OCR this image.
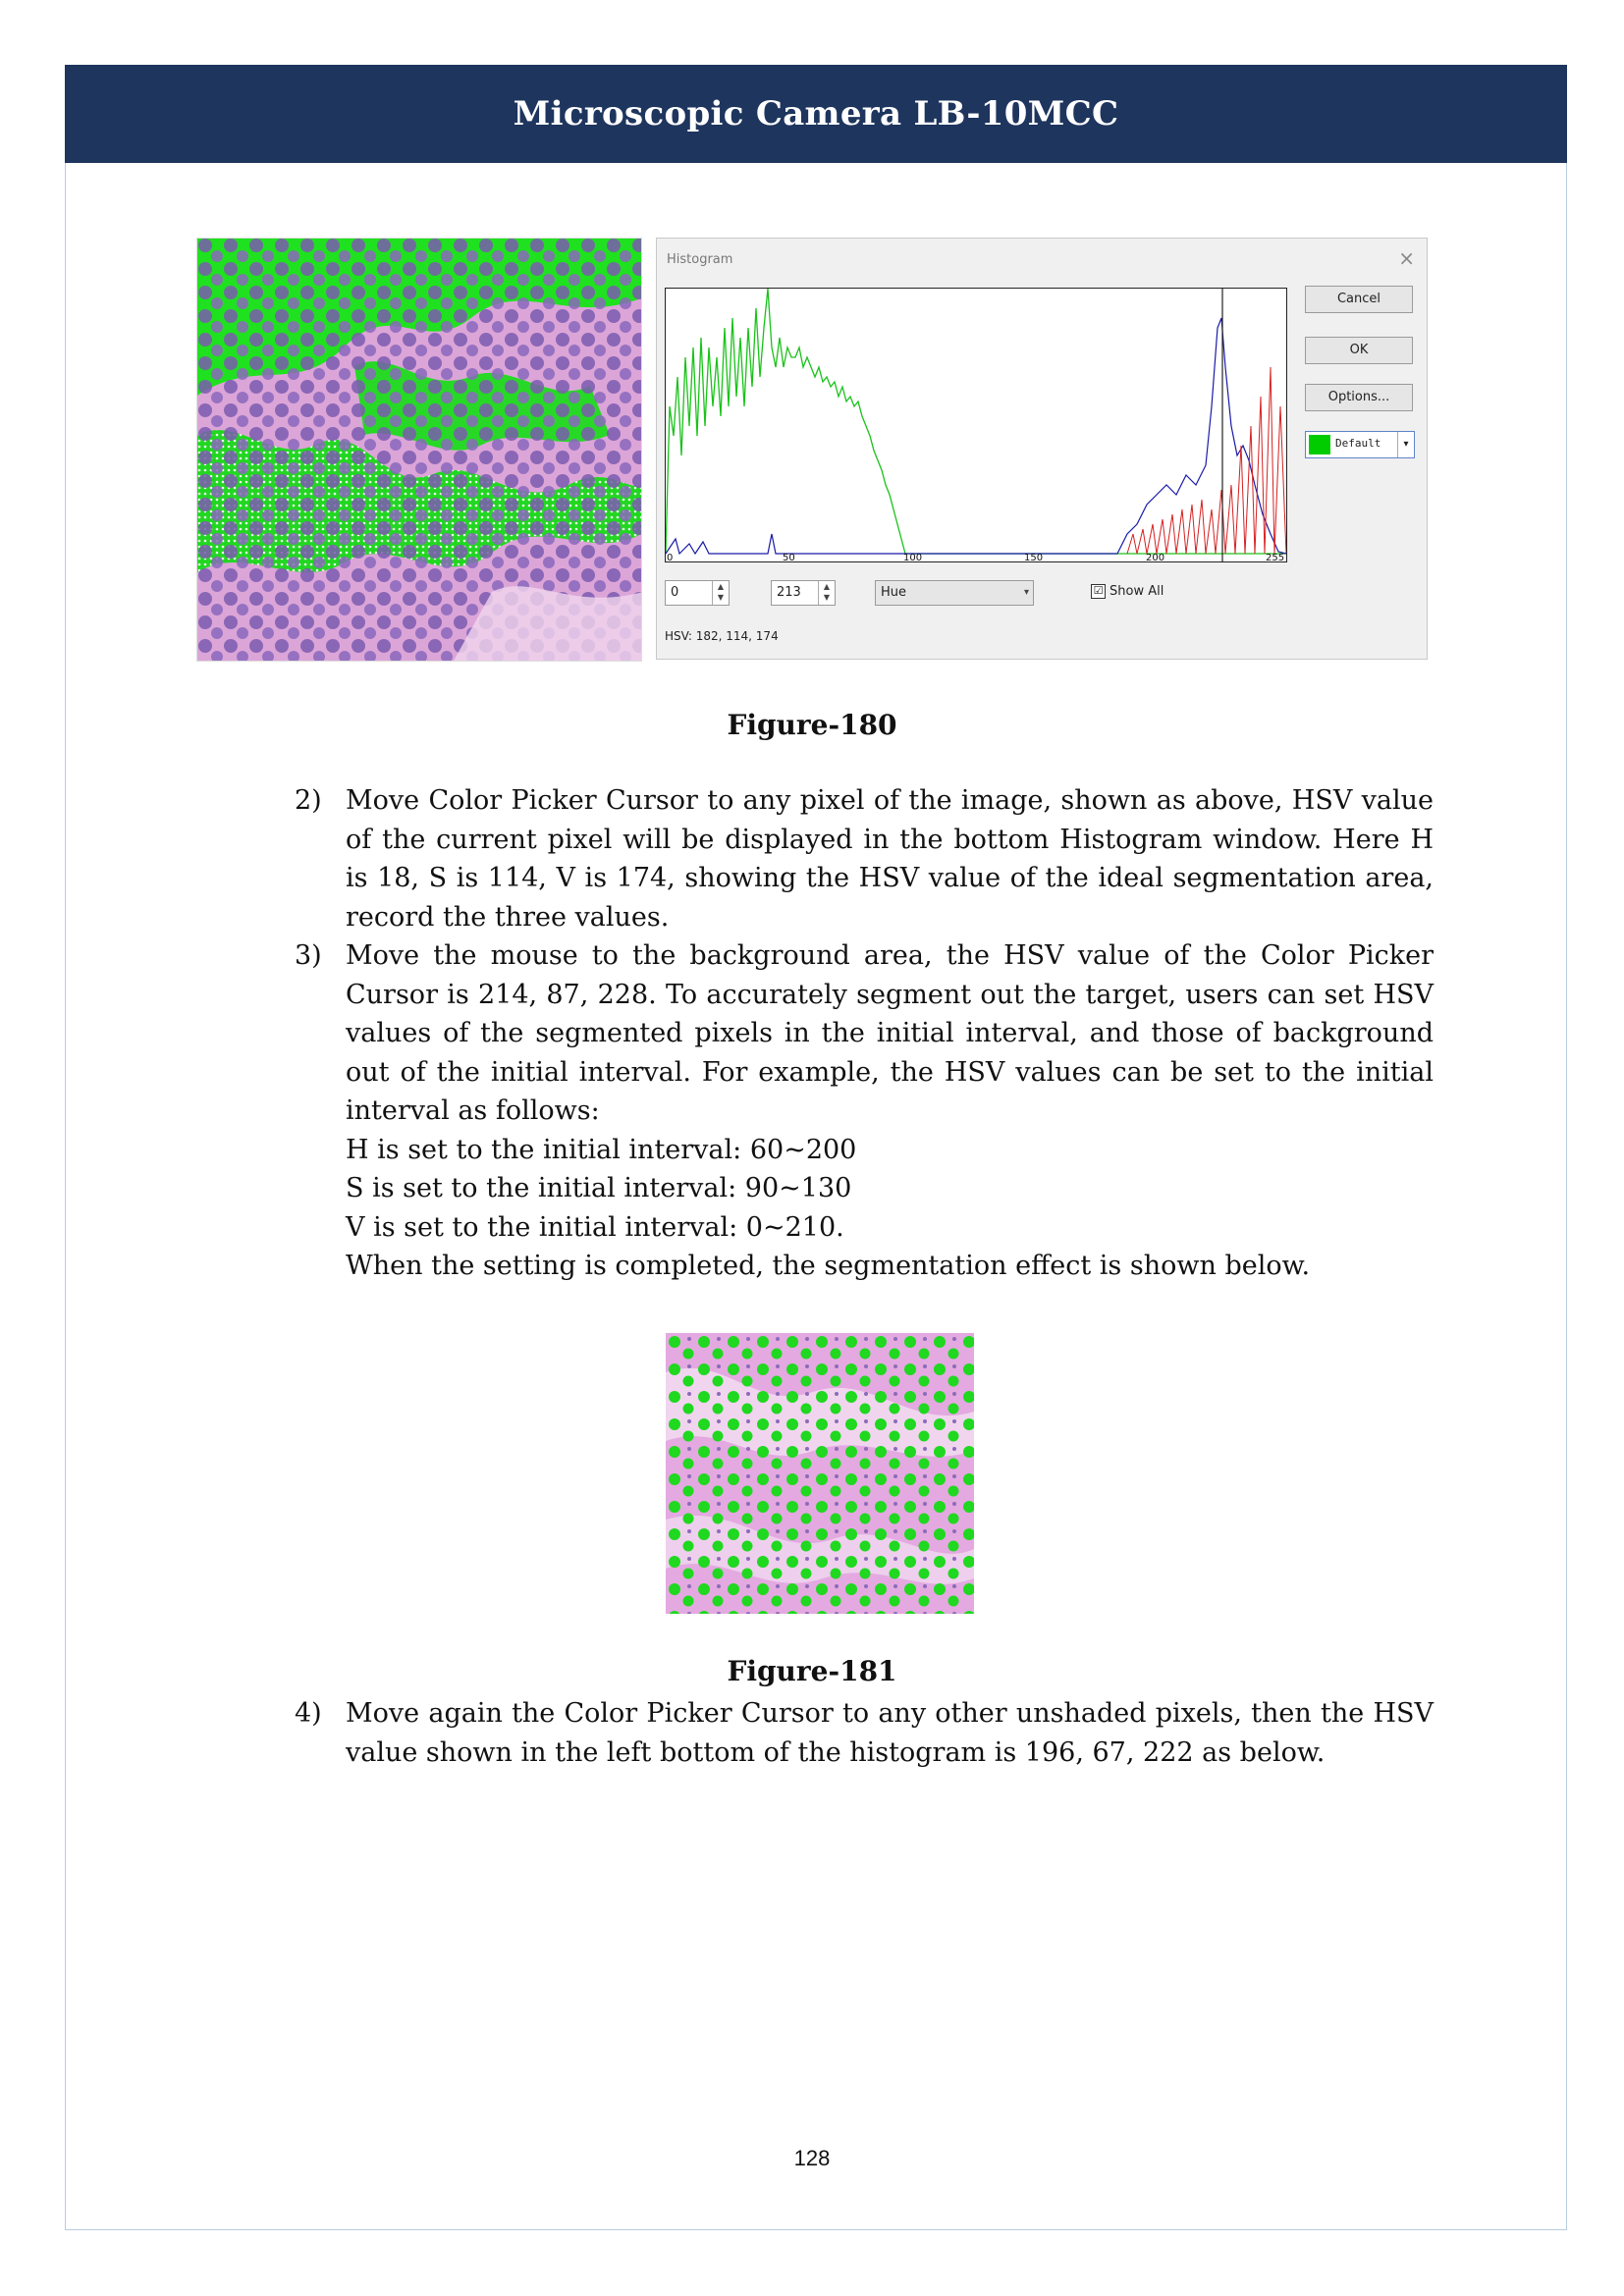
Microscopic Camera LB-10MCC
Histogram	×
0	50	100	150	200	255
Cancel
OK
Options...
Default	▾
0	▲
▼	213	▲
▼	Hue	▾	☑ Show All
HSV: 182, 114, 174
Figure-180
2) Move Color Picker Cursor to any pixel of the image, shown as above, HSV value of the current pixel will be displayed in the bottom Histogram window. Here H is 18, S is 114, V is 174, showing the HSV value of the ideal segmentation area, record the three values.

3) Move the mouse to the background area, the HSV value of the Color Picker Cursor is 214, 87, 228. To accurately segment out the target, users can set HSV values of the segmented pixels in the initial interval, and those of background out of the initial interval. For example, the HSV values can be set to the initial interval as follows:

H is set to the initial interval: 60~200

S is set to the initial interval: 90~130

V is set to the initial interval: 0~210.

When the setting is completed, the segmentation effect is shown below.

Figure-181
4) Move again the Color Picker Cursor to any other unshaded pixels, then the HSV value shown in the left bottom of the histogram is 196, 67, 222 as below.

128
